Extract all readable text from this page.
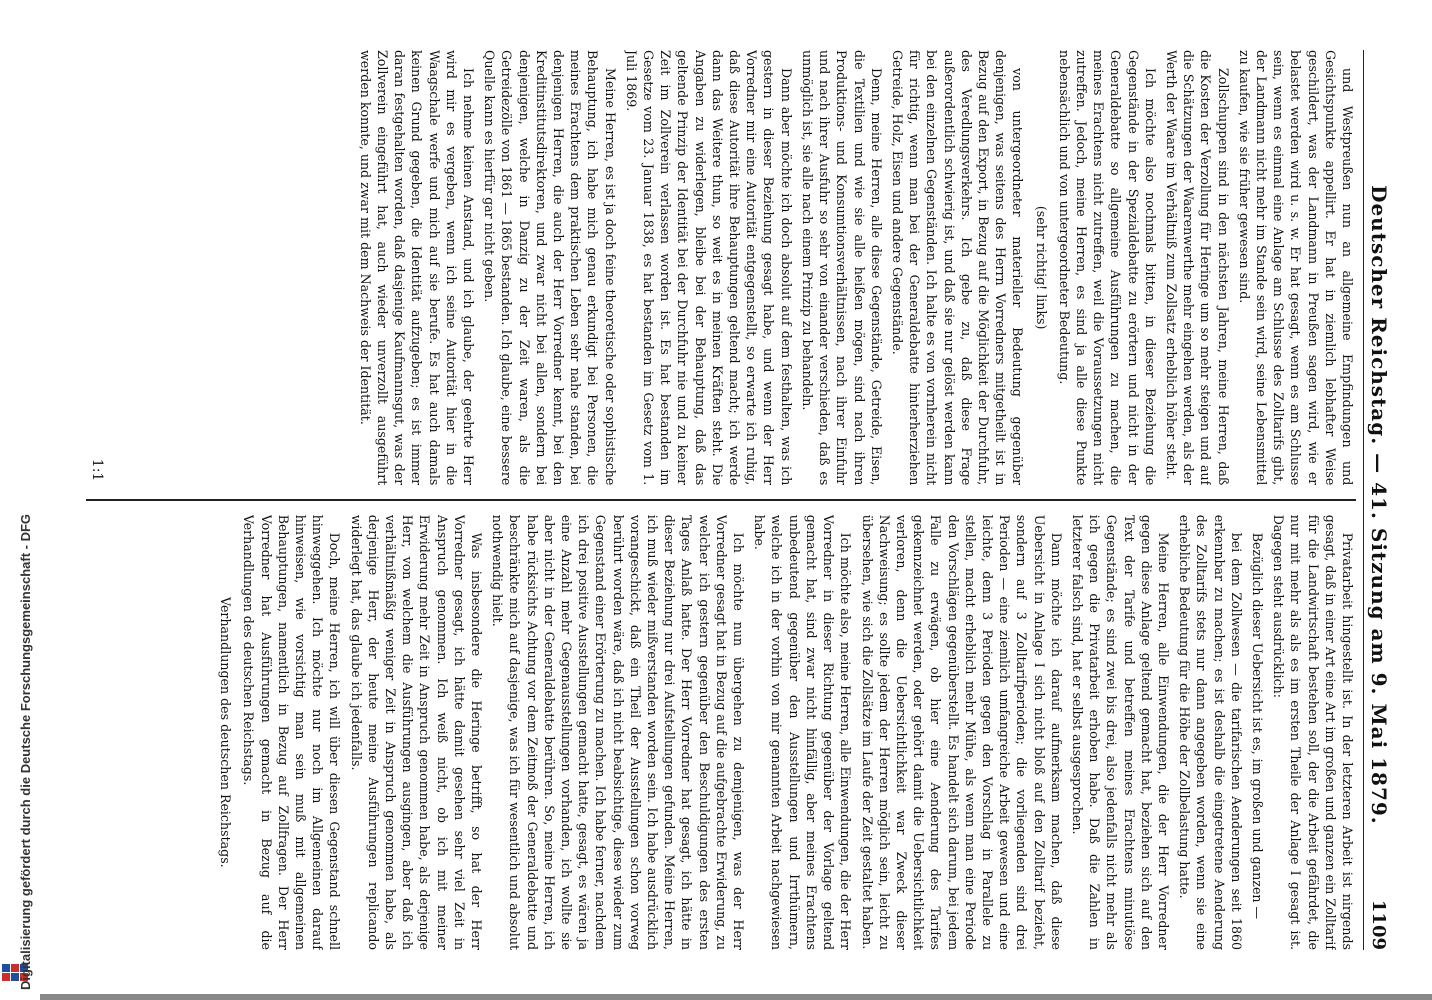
Digitalisierung gefördert durch die Deutsche Forschungsgemeinschaft - DFG	Deutscher Reichstag. — 41. Sitzung am 9. Mai 1879.
1109

und Westpreußen nun an allgemeine Empfindungen und Gesichtspunkte appellirt. Er hat in ziemlich lebhafter Weise geschildert, was der Landmann in Preußen sagen wird, wie er belastet werden wird u. s. w. Er hat gesagt, wenn es am Schlusse sein, wenn es einmal eine Anlage am Schlusse des Zolltarifs gibt, der Landmann nicht mehr im Stande sein wird, seine Lebensmittel zu kaufen, wie sie früher gewesen sind.

Zollschuppen sind in den nächsten Jahren, meine Herren, daß die Kosten der Verzollung für Heringe um so mehr steigen und auf die Schätzungen der Waarenwerthe mehr eingehen werden, als der Werth der Waare im Verhältniß zum Zollsatz erheblich höher steht.

Ich möchte also nochmals bitten, in dieser Beziehung die Gegenstände in der Spezialdebatte zu erörtern und nicht in der Generaldebatte so allgemeine Ausführungen zu machen, die meines Erachtens nicht zutreffen, weil die Voraussetzungen nicht zutreffen. Jedoch, meine Herren, es sind ja alle diese Punkte nebensächlich und von untergeordneter Bedeutung.

(sehr richtig! links)

von untergeordneter materieller Bedeutung gegenüber denjenigen, was seitens des Herrn Vorredners mitgetheilt ist in Bezug auf den Export, in Bezug auf die Möglichkeit der Durchfuhr, des Veredlungsverkehrs. Ich gebe zu, daß diese Frage außerordentlich schwierig ist, und daß sie nur gelöst werden kann bei den einzelnen Gegenständen. Ich halte es von vornherein nicht für richtig, wenn man bei der Generaldebatte hinterherziehen Getreide, Holz, Eisen und andere Gegenstände.

Denn, meine Herren, alle diese Gegenstände, Getreide, Eisen, die Textilien und wie sie alle heißen mögen, sind nach ihren Produktions- und Konsumtionsverhältnissen, nach ihrer Einfuhr und nach ihrer Ausfuhr so sehr von einander verschieden, daß es unmöglich ist, sie alle nach einem Prinzip zu behandeln.

Dann aber möchte ich doch absolut auf dem festhalten, was ich gestern in dieser Beziehung gesagt habe, und wenn der Herr Vorredner mir eine Autorität entgegenstellt, so erwarte ich ruhig, daß diese Autorität ihre Behauptungen geltend macht; ich werde dann das Weitere thun, so weit es in meinen Kräften steht. Die Angaben zu widerlegen, bleibe bei der Behauptung, daß das geltende Prinzip der Identität bei der Durchfuhr nie und zu keiner Zeit im Zollverein verlassen worden ist. Es hat bestanden im Gesetze vom 23. Januar 1838, es hat bestanden im Gesetz vom 1. Juli 1869.

Meine Herren, es ist ja doch feine theoretische oder sophistische Behauptung, ich habe mich genau erkundigt bei Personen, die meines Erachtens dem praktischen Leben sehr nahe standen, bei denjenigen Herren, die auch der Herr Vorredner kennt, bei den Kreditinstitutsdirektoren, und zwar nicht bei allen, sondern bei denjenigen, welche in Danzig zu der Zeit waren, als die Getreidezölle von 1861 — 1865 bestanden. Ich glaube, eine bessere Quelle kann es hierfür gar nicht geben.

Ich nehme keinen Anstand, und ich glaube, der geehrte Herr wird mir es vergeben, wenn ich seine Autorität hier in die Waagschale werfe und mich auf sie berufe. Es hat auch damals keinen Grund gegeben, die Identität aufzugeben; es ist immer daran festgehalten worden, daß dasjenige Kaufmannsgut, was der Zollverein eingeführt hat, auch wieder unverzollt ausgeführt werden konnte, und zwar mit dem Nachweis der Identität.

1:1

Privatarbeit hingestellt ist. In der letzteren Arbeit ist nirgends gesagt, daß in einer Art eine Art im großen und ganzen ein Zolltarif für die Landwirtschaft bestehen soll, der die Arbeit gefährdet, die nur mit mehr als als es im ersten Theile der Anlage I gesagt ist. Dagegen steht ausdrücklich:

Bezüglich dieser Uebersicht ist es, im großen und ganzen —

bei dem Zollwesen — die tarifarischen Aenderungen seit 1860 erkennbar zu machen; es ist deshalb die eingetretene Aenderung des Zolltarifs stets nur dann angegeben worden, wenn sie eine erhebliche Bedeutung für die Höhe der Zollbelastung hatte.

Meine Herren, alle Einwendungen, die der Herr Vorredner gegen diese Anlage geltend gemacht hat, beziehen sich auf den Text der Tarife und betreffen meines Erachtens minutiöse Gegenstände; es sind zwei bis drei, also jedenfalls nicht mehr als ich gegen die Privatarbeit erhoben habe. Daß die Zahlen in letzterer falsch sind, hat er selbst ausgesprochen.

Dann möchte ich darauf aufmerksam machen, daß diese Uebersicht in Anlage I sich nicht bloß auf den Zolltarif bezieht, sondern auf 3 Zolltarifperioden; die vorliegenden sind drei Perioden — eine ziemlich umfangreiche Arbeit gewesen und eine leichte, denn 3 Perioden gegen den Vorschlag in Parallele zu stellen, macht erheblich mehr Mühe, als wenn man eine Periode den Vorschlägen gegenüberstellt. Es handelt sich darum, bei jedem Falle zu erwägen, ob hier eine Aenderung des Tarifes gekennzeichnet werden, oder gehört damit die Uebersichtlichkeit verloren, denn die Uebersichtlichkeit war Zweck dieser Nachweisung; es sollte jedem der Herren möglich sein, leicht zu übersehen, wie sich die Zollsätze im Laufe der Zeit gestaltet haben.

Ich möchte also, meine Herren, alle Einwendungen, die der Herr Vorredner in dieser Richtung gegenüber der Vorlage geltend gemacht hat, sind zwar nicht hinfällig, aber meines Erachtens unbedeutend gegenüber den Ausstellungen und Irrthümern, welche ich in der vorhin von mir genannten Arbeit nachgewiesen habe.

Ich möchte nun übergehen zu demjenigen, was der Herr Vorredner gesagt hat in Bezug auf die aufgebrachte Erwiderung, zu welcher ich gestern gegenüber den Beschuldigungen des ersten Tages Anlaß hatte. Der Herr Vorredner hat gesagt, ich hätte in dieser Beziehung nur drei Aufstellungen gefunden. Meine Herren, ich muß wieder mißverstanden worden sein. Ich habe ausdrücklich vorangeschickt, daß ein Theil der Ausstellungen schon vorweg berührt worden wäre, daß ich nicht beabsichtige, diese wieder zum Gegenstand einer Erörterung zu machen. Ich habe ferner, nachdem ich drei positive Ausstellungen gemacht hatte, gesagt, es wären ja eine Anzahl mehr Gegenausstellungen vorhanden, ich wollte sie aber nicht in der Generaldebatte berühren. So, meine Herren, ich habe rücksichts Achtung vor dem Zeitmoß der Generaldebatte und beschränkte mich auf dasjenige, was ich für wesentlich und absolut nothwendig hielt.

Was insbesondere die Heringe betrifft, so hat der Herr Vorredner gesagt, ich hätte damit gesehen sehr viel Zeit in Anspruch genommen. Ich weiß nicht, ob ich mit meiner Erwiderung mehr Zeit in Anspruch genommen habe, als derjenige Herr, von welchem die Ausführungen ausgingen, aber daß ich verhältnißmäßig weniger Zeit in Anspruch genommen habe, als derjenige Herr, der heute meine Ausführungen replicando widerlegt hat, das glaube ich jedenfalls.

Doch, meine Herren, ich will über diesen Gegenstand schnell hinweggehen. Ich möchte nur noch im Allgemeinen darauf hinweisen, wie vorsichtig man sein muß mit allgemeinen Behauptungen, namentlich in Bezug auf Zollfragen. Der Herr Vorredner hat Ausführungen gemacht in Bezug auf die Verhandlungen des deutschen Reichstags.

Verhandlungen des deutschen Reichstags.
